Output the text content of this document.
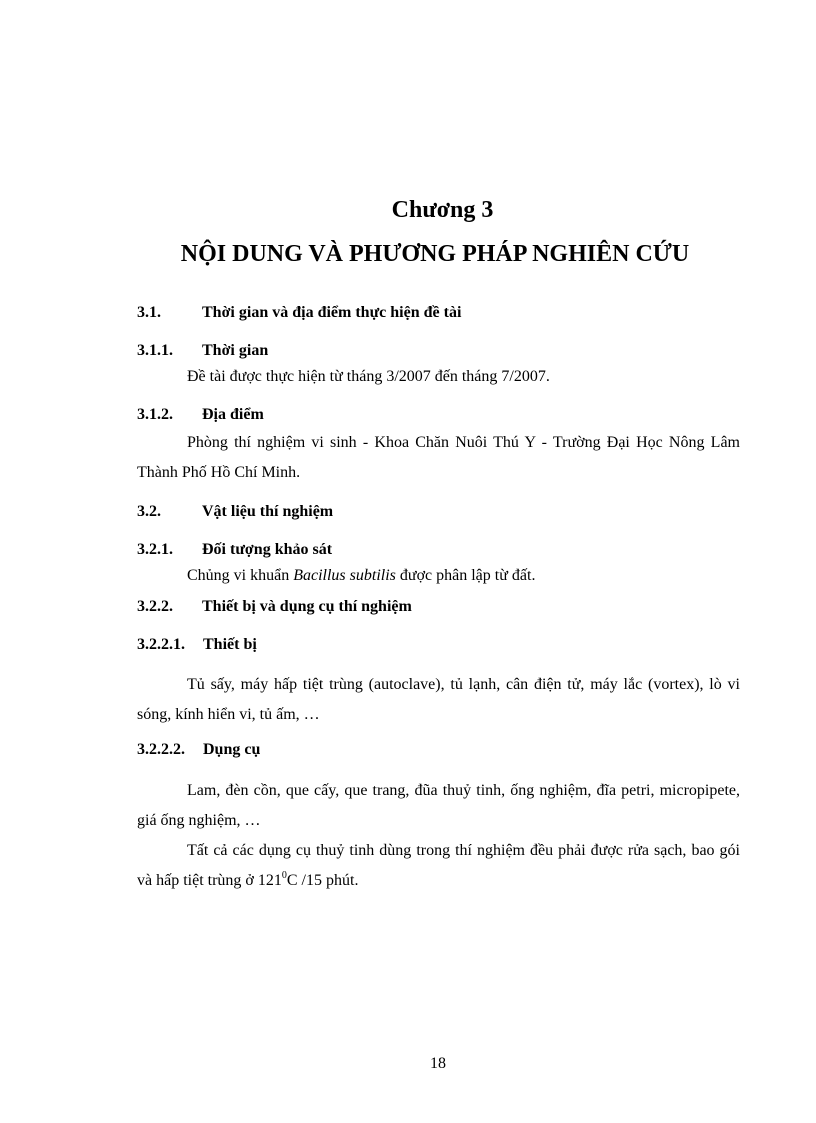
Chương 3
NỘI DUNG VÀ PHƯƠNG PHÁP NGHIÊN CỨU
3.1.	Thời gian và địa điểm thực hiện đề tài
3.1.1. Thời gian
Đề tài được thực hiện từ tháng 3/2007 đến tháng 7/2007.
3.1.2. Địa điểm
Phòng thí nghiệm vi sinh - Khoa Chăn Nuôi Thú Y - Trường Đại Học Nông Lâm Thành Phố Hồ Chí Minh.
3.2.	Vật liệu thí nghiệm
3.2.1. Đối tượng khảo sát
Chủng vi khuẩn Bacillus subtilis được phân lập từ đất.
3.2.2. Thiết bị và dụng cụ thí nghiệm
3.2.2.1. Thiết bị
Tủ sấy, máy hấp tiệt trùng (autoclave), tủ lạnh, cân điện tử, máy lắc (vortex), lò vi sóng, kính hiển vi, tủ ấm, …
3.2.2.2. Dụng cụ
Lam, đèn cồn, que cấy, que trang, đũa thuỷ tinh, ống nghiệm, đĩa petri, micropipete, giá ống nghiệm, …
Tất cả các dụng cụ thuỷ tinh dùng trong thí nghiệm đều phải được rửa sạch, bao gói và hấp tiệt trùng ở $121^0C$ /15 phút.
18
